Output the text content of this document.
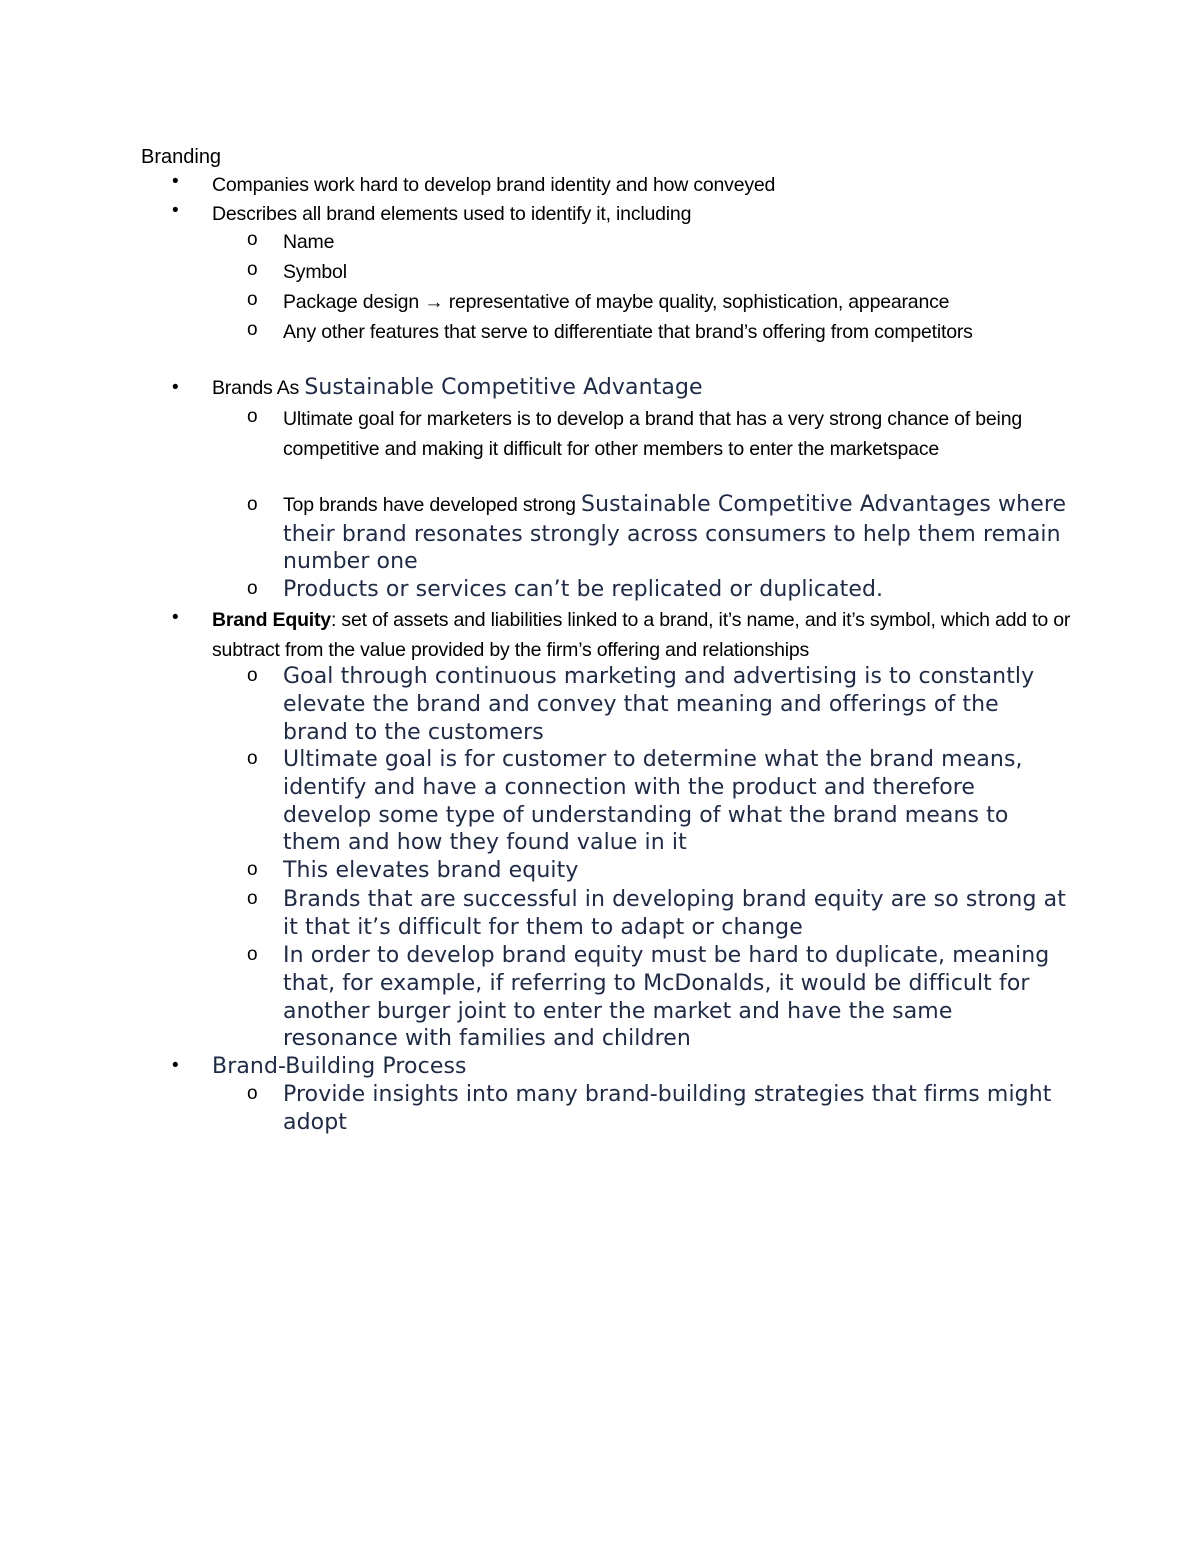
Branding
• Companies work hard to develop brand identity and how conveyed
• Describes all brand elements used to identify it, including
o Name
o Symbol
o Package design → representative of maybe quality, sophistication, appearance
o Any other features that serve to differentiate that brand’s offering from competitors
• Brands As Sustainable Competitive Advantage
o Ultimate goal for marketers is to develop a brand that has a very strong chance of being competitive and making it difficult for other members to enter the marketspace
o Top brands have developed strong Sustainable Competitive Advantages where their brand resonates strongly across consumers to help them remain number one
o Products or services can’t be replicated or duplicated.
• Brand Equity: set of assets and liabilities linked to a brand, it’s name, and it’s symbol, which add to or subtract from the value provided by the firm’s offering and relationships
o Goal through continuous marketing and advertising is to constantly elevate the brand and convey that meaning and offerings of the brand to the customers
o Ultimate goal is for customer to determine what the brand means, identify and have a connection with the product and therefore develop some type of understanding of what the brand means to them and how they found value in it
o This elevates brand equity
o Brands that are successful in developing brand equity are so strong at it that it’s difficult for them to adapt or change
o In order to develop brand equity must be hard to duplicate, meaning that, for example, if referring to McDonalds, it would be difficult for another burger joint to enter the market and have the same resonance with families and children
• Brand-Building Process
o Provide insights into many brand-building strategies that firms might adopt
